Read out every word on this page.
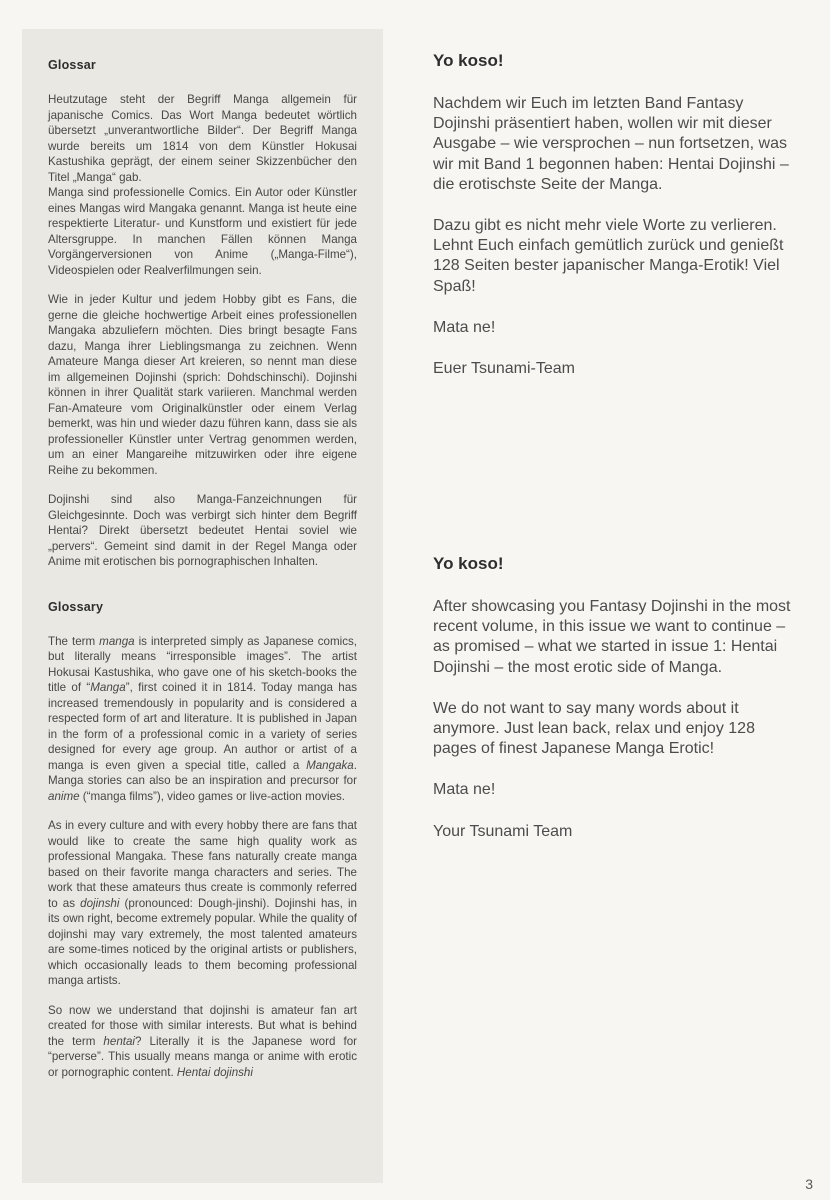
Glossar

Heutzutage steht der Begriff Manga allgemein für japanische Comics. Das Wort Manga bedeutet wörtlich übersetzt „unverantwortliche Bilder“. Der Begriff Manga wurde bereits um 1814 von dem Künstler Hokusai Kastushika geprägt, der einem seiner Skizzenbücher den Titel „Manga“ gab.

Manga sind professionelle Comics. Ein Autor oder Künstler eines Mangas wird Mangaka genannt. Manga ist heute eine respektierte Literatur- und Kunstform und existiert für jede Altersgruppe. In manchen Fällen können Manga Vorgängerversionen von Anime („Manga-Filme“), Videospielen oder Realverfilmungen sein.

Wie in jeder Kultur und jedem Hobby gibt es Fans, die gerne die gleiche hochwertige Arbeit eines professionellen Mangaka abzuliefern möchten. Dies bringt besagte Fans dazu, Manga ihrer Lieblingsmanga zu zeichnen. Wenn Amateure Manga dieser Art kreieren, so nennt man diese im allgemeinen Dojinshi (sprich: Dohdschinschi). Dojinshi können in ihrer Qualität stark variieren. Manchmal werden Fan-Amateure vom Originalkünstler oder einem Verlag bemerkt, was hin und wieder dazu führen kann, dass sie als professioneller Künstler unter Vertrag genommen werden, um an einer Mangareihe mitzuwirken oder ihre eigene Reihe zu bekommen.

Dojinshi sind also Manga-Fanzeichnungen für Gleichgesinnte. Doch was verbirgt sich hinter dem Begriff Hentai? Direkt übersetzt bedeutet Hentai soviel wie „pervers“. Gemeint sind damit in der Regel Manga oder Anime mit erotischen bis pornographischen Inhalten.

Glossary

The term manga is interpreted simply as Japanese comics, but literally means “irresponsible images”. The artist Hokusai Kastushika, who gave one of his sketch-books the title of “Manga”, first coined it in 1814. Today manga has increased tremendously in popularity and is considered a respected form of art and literature. It is published in Japan in the form of a professional comic in a variety of series designed for every age group. An author or artist of a manga is even given a special title, called a Mangaka. Manga stories can also be an inspiration and precursor for anime (“manga films”), video games or live-action movies.

As in every culture and with every hobby there are fans that would like to create the same high quality work as professional Mangaka. These fans naturally create manga based on their favorite manga characters and series. The work that these amateurs thus create is commonly referred to as dojinshi (pronounced: Dough-jinshi). Dojinshi has, in its own right, become extremely popular. While the quality of dojinshi may vary extremely, the most talented amateurs are some-times noticed by the original artists or publishers, which occasionally leads to them becoming professional manga artists.

So now we understand that dojinshi is amateur fan art created for those with similar interests. But what is behind the term hentai? Literally it is the Japanese word for “perverse”. This usually means manga or anime with erotic or pornographic content. Hentai dojinshi

Yo koso!

Nachdem wir Euch im letzten Band Fantasy Dojinshi präsentiert haben, wollen wir mit dieser Ausgabe – wie versprochen – nun fortsetzen, was wir mit Band 1 begonnen haben: Hentai Dojinshi – die erotischste Seite der Manga.

Dazu gibt es nicht mehr viele Worte zu verlieren. Lehnt Euch einfach gemütlich zurück und genießt 128 Seiten bester japanischer Manga-Erotik! Viel Spaß!

Mata ne!

Euer Tsunami-Team

Yo koso!

After showcasing you Fantasy Dojinshi in the most recent volume, in this issue we want to continue – as promised – what we started in issue 1: Hentai Dojinshi – the most erotic side of Manga.

We do not want to say many words about it anymore. Just lean back, relax und enjoy 128 pages of finest Japanese Manga Erotic!

Mata ne!

Your Tsunami Team

3
